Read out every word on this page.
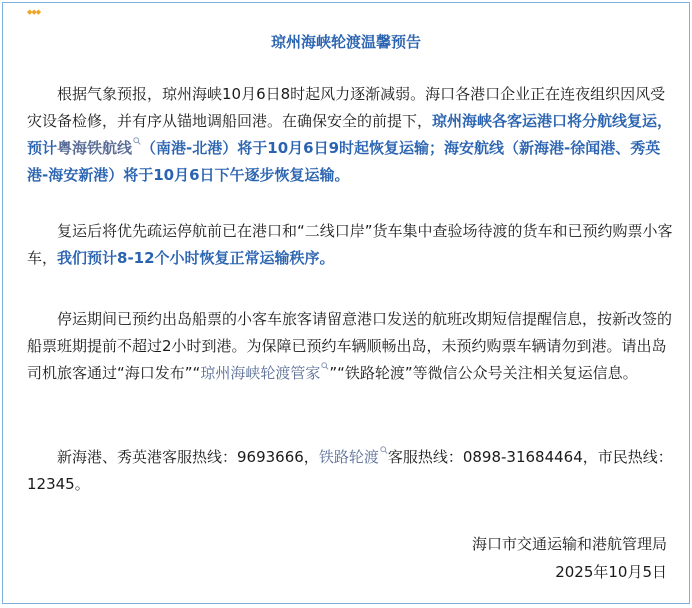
◆◆◆
琼州海峡轮渡温馨预告

根据气象预报，琼州海峡10月6日8时起风力逐渐减弱。海口各港口企业正在连夜组织因风受灾设备检修，并有序从锚地调船回港。在确保安全的前提下，琼州海峡各客运港口将分航线复运，预计粤海铁航线 （南港-北港）将于10月6日9时起恢复运输；海安航线（新海港-徐闻港、秀英港-海安新港）将于10月6日下午逐步恢复运输。

复运后将优先疏运停航前已在港口和“二线口岸”货车集中查验场待渡的货车和已预约购票小客车，我们预计8-12个小时恢复正常运输秩序。

停运期间已预约出岛船票的小客车旅客请留意港口发送的航班改期短信提醒信息，按新改签的船票班期提前不超过2小时到港。为保障已预约车辆顺畅出岛，未预约购票车辆请勿到港。请出岛司机旅客通过“海口发布”“琼州海峡轮渡管家 ”“铁路轮渡”等微信公众号关注相关复运信息。

新海港、秀英港客服热线：9693666，铁路轮渡 客服热线：0898-31684464，市民热线：12345。

海口市交通运输和港航管理局
2025年10月5日
